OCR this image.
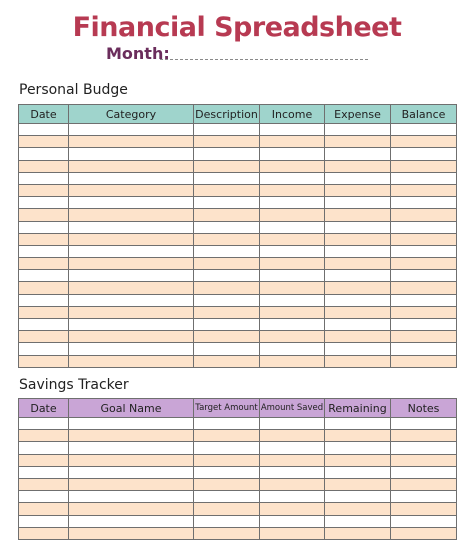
Financial Spreadsheet
Month:
Personal Budge
Date	Category	Description	Income	Expense	Balance

Savings Tracker
Date	Goal Name	Target Amount	Amount Saved	Remaining	Notes
